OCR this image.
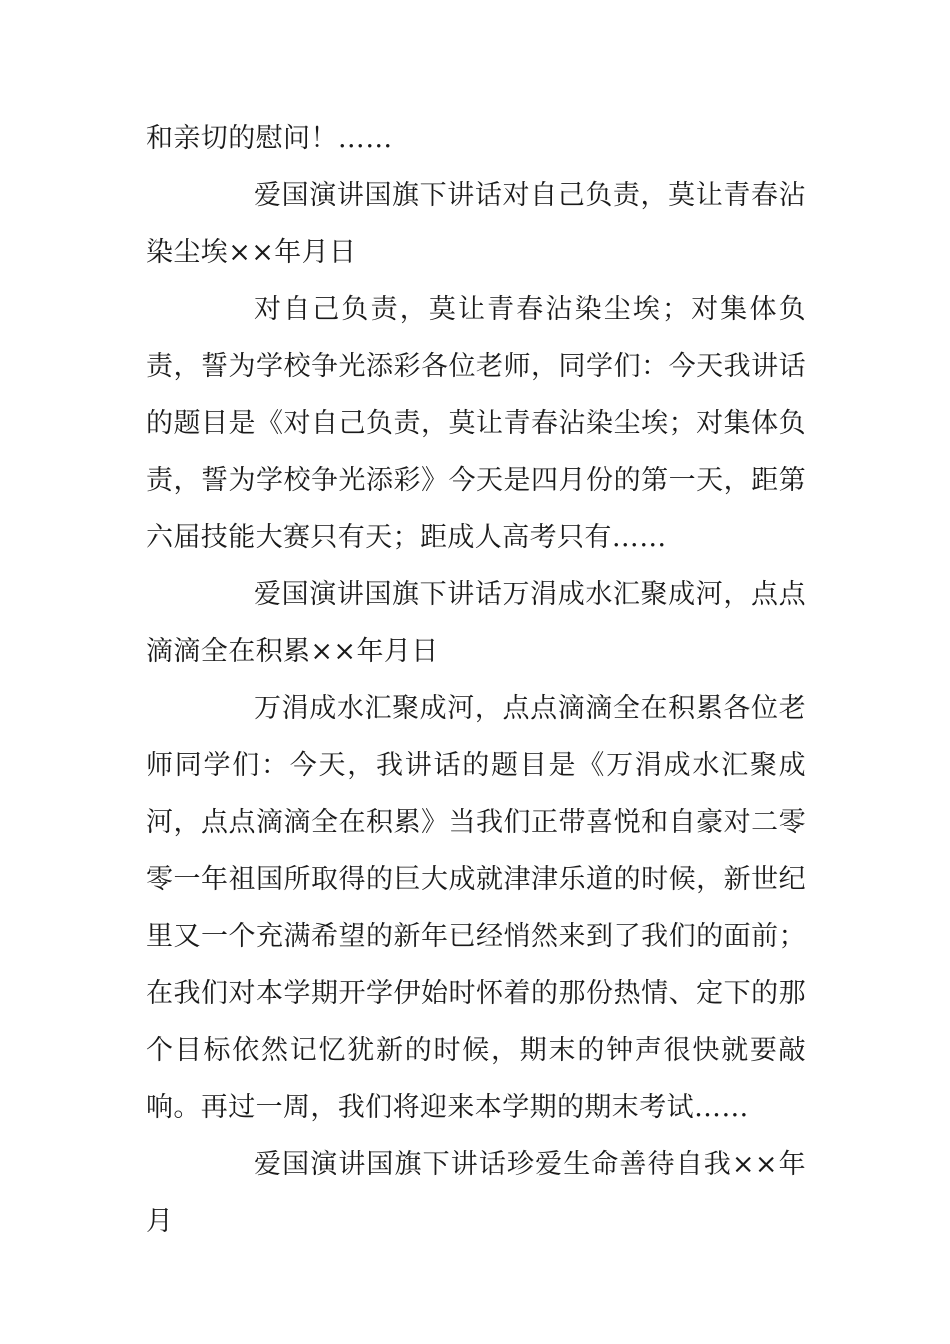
和亲切的慰问！……

爱国演讲国旗下讲话对自己负责，莫让青春沾染尘埃××年月日

对自己负责，莫让青春沾染尘埃；对集体负责，誓为学校争光添彩各位老师，同学们：今天我讲话的题目是《对自己负责，莫让青春沾染尘埃；对集体负责，誓为学校争光添彩》今天是四月份的第一天，距第六届技能大赛只有天；距成人高考只有……

爱国演讲国旗下讲话万涓成水汇聚成河，点点滴滴全在积累××年月日

万涓成水汇聚成河，点点滴滴全在积累各位老师同学们：今天，我讲话的题目是《万涓成水汇聚成河，点点滴滴全在积累》当我们正带喜悦和自豪对二零零一年祖国所取得的巨大成就津津乐道的时候，新世纪里又一个充满希望的新年已经悄然来到了我们的面前；在我们对本学期开学伊始时怀着的那份热情、定下的那个目标依然记忆犹新的时候，期末的钟声很快就要敲响。再过一周，我们将迎来本学期的期末考试……

爱国演讲国旗下讲话珍爱生命善待自我××年月
